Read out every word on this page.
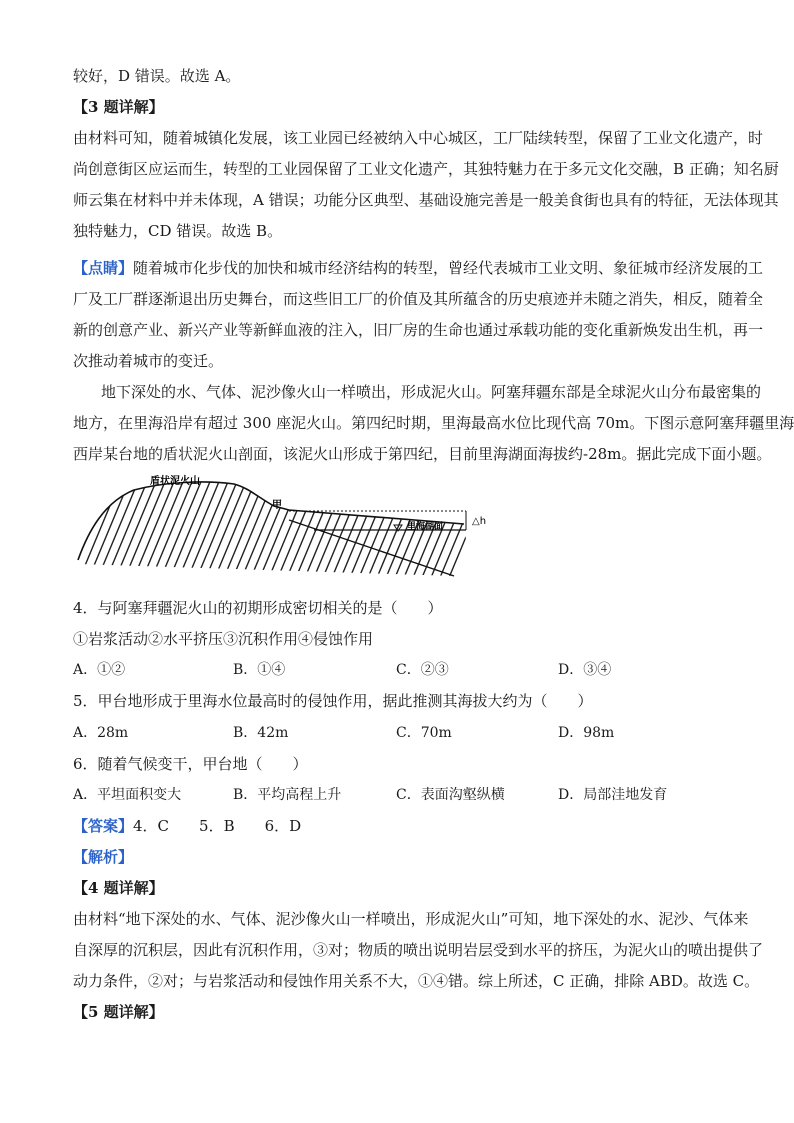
较好，D 错误。故选 A。
【3 题详解】
由材料可知，随着城镇化发展，该工业园已经被纳入中心城区，工厂陆续转型，保留了工业文化遗产，时
尚创意街区应运而生，转型的工业园保留了工业文化遗产，其独特魅力在于多元文化交融，B 正确；知名厨
师云集在材料中并未体现，A 错误；功能分区典型、基础设施完善是一般美食街也具有的特征，无法体现其
独特魅力，CD 错误。故选 B。
【点睛】随着城市化步伐的加快和城市经济结构的转型，曾经代表城市工业文明、象征城市经济发展的工
厂及工厂群逐渐退出历史舞台，而这些旧工厂的价值及其所蕴含的历史痕迹并未随之消失，相反，随着全
新的创意产业、新兴产业等新鲜血液的注入，旧厂房的生命也通过承载功能的变化重新焕发出生机，再一
次推动着城市的变迁。
地下深处的水、气体、泥沙像火山一样喷出，形成泥火山。阿塞拜疆东部是全球泥火山分布最密集的
地方，在里海沿岸有超过 300 座泥火山。第四纪时期，里海最高水位比现代高 70m。下图示意阿塞拜疆里海
西岸某台地的盾状泥火山剖面，该泥火山形成于第四纪，目前里海湖面海拔约-28m。据此完成下面小题。
盾状泥火山
甲
里海湖面	△h
4．与阿塞拜疆泥火山的初期形成密切相关的是（　　）
①岩浆活动②水平挤压③沉积作用④侵蚀作用
A．①②	B．①④	C．②③	D．③④
5．甲台地形成于里海水位最高时的侵蚀作用，据此推测其海拔大约为（　　）
A．28m	B．42m	C．70m	D．98m
6．随着气候变干，甲台地（　　）
A．平坦面积变大	B．平均高程上升	C．表面沟壑纵横	D．局部洼地发育
【答案】4．C　　5．B　　6．D
【解析】
【4 题详解】
由材料“地下深处的水、气体、泥沙像火山一样喷出，形成泥火山”可知，地下深处的水、泥沙、气体来
自深厚的沉积层，因此有沉积作用，③对；物质的喷出说明岩层受到水平的挤压，为泥火山的喷出提供了
动力条件，②对；与岩浆活动和侵蚀作用关系不大，①④错。综上所述，C 正确，排除 ABD。故选 C。
【5 题详解】
